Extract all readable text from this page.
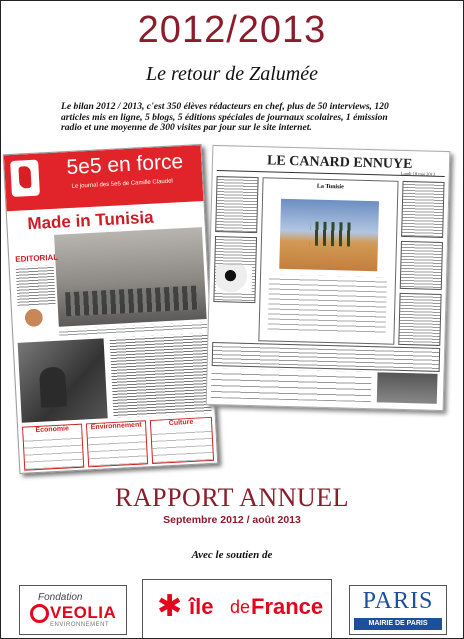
2012/2013
Le retour de Zalumée
Le bilan 2012 / 2013, c'est 350 élèves rédacteurs en chef, plus de 50 interviews, 120 articles mis en ligne, 5 blogs, 5 éditions spéciales de journaux scolaires, 1 émission radio et une moyenne de 300 visites par jour sur le site internet.
5e5 en force
Le journal des 5e5 de Camille Claudel
Made in Tunisia
EDITORIAL
Economie	Environnement	Culture
LE CANARD ENNUYE
Lundi 18 mai 2013
La Tunisie
RAPPORT ANNUEL
Septembre 2012 / août 2013
Avec le soutien de
Fondation
VEOLIA
ENVIRONNEMENT
✱ île de France	PARIS
MAIRIE DE PARIS
